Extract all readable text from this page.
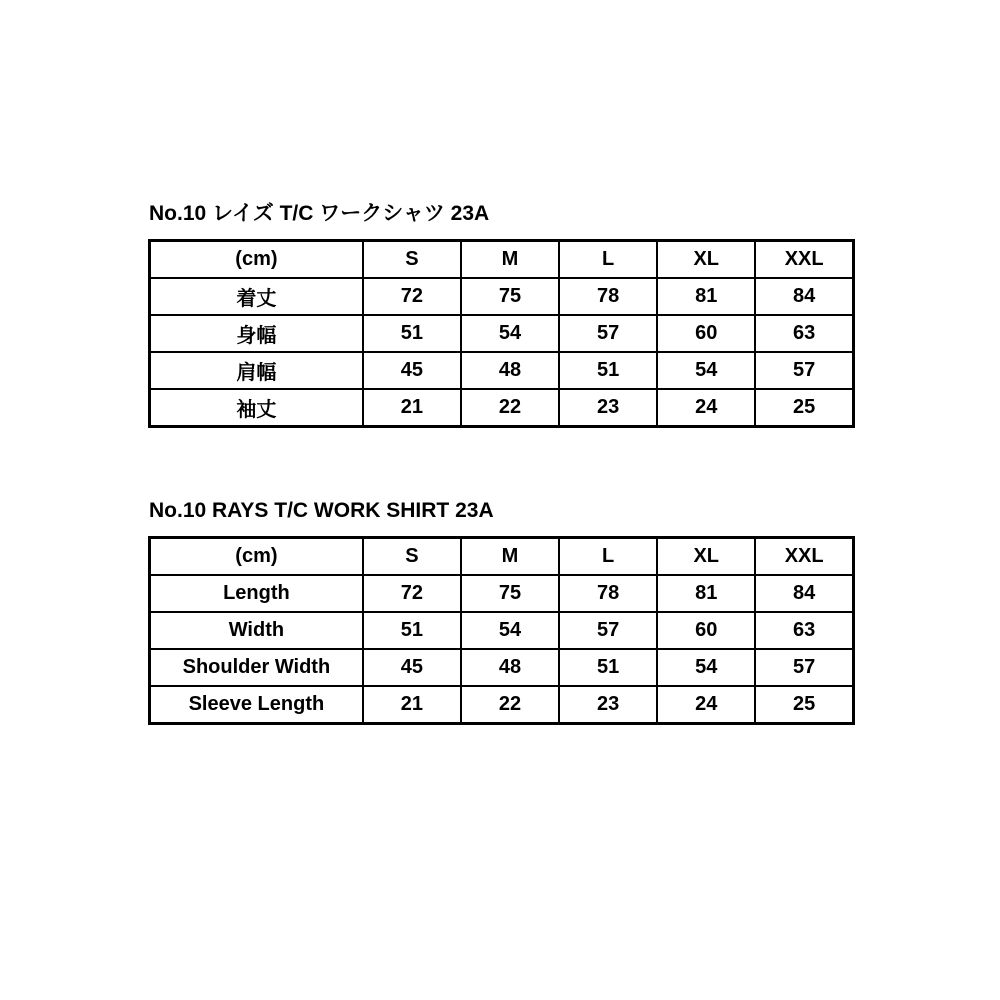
No.10 レイズ T/C ワークシャツ 23A
(cm)	S	M	L	XL	XXL
着丈	72	75	78	81	84
身幅	51	54	57	60	63
肩幅	45	48	51	54	57
袖丈	21	22	23	24	25
No.10 RAYS T/C WORK SHIRT 23A
(cm)	S	M	L	XL	XXL
Length	72	75	78	81	84
Width	51	54	57	60	63
Shoulder Width	45	48	51	54	57
Sleeve Length	21	22	23	24	25
